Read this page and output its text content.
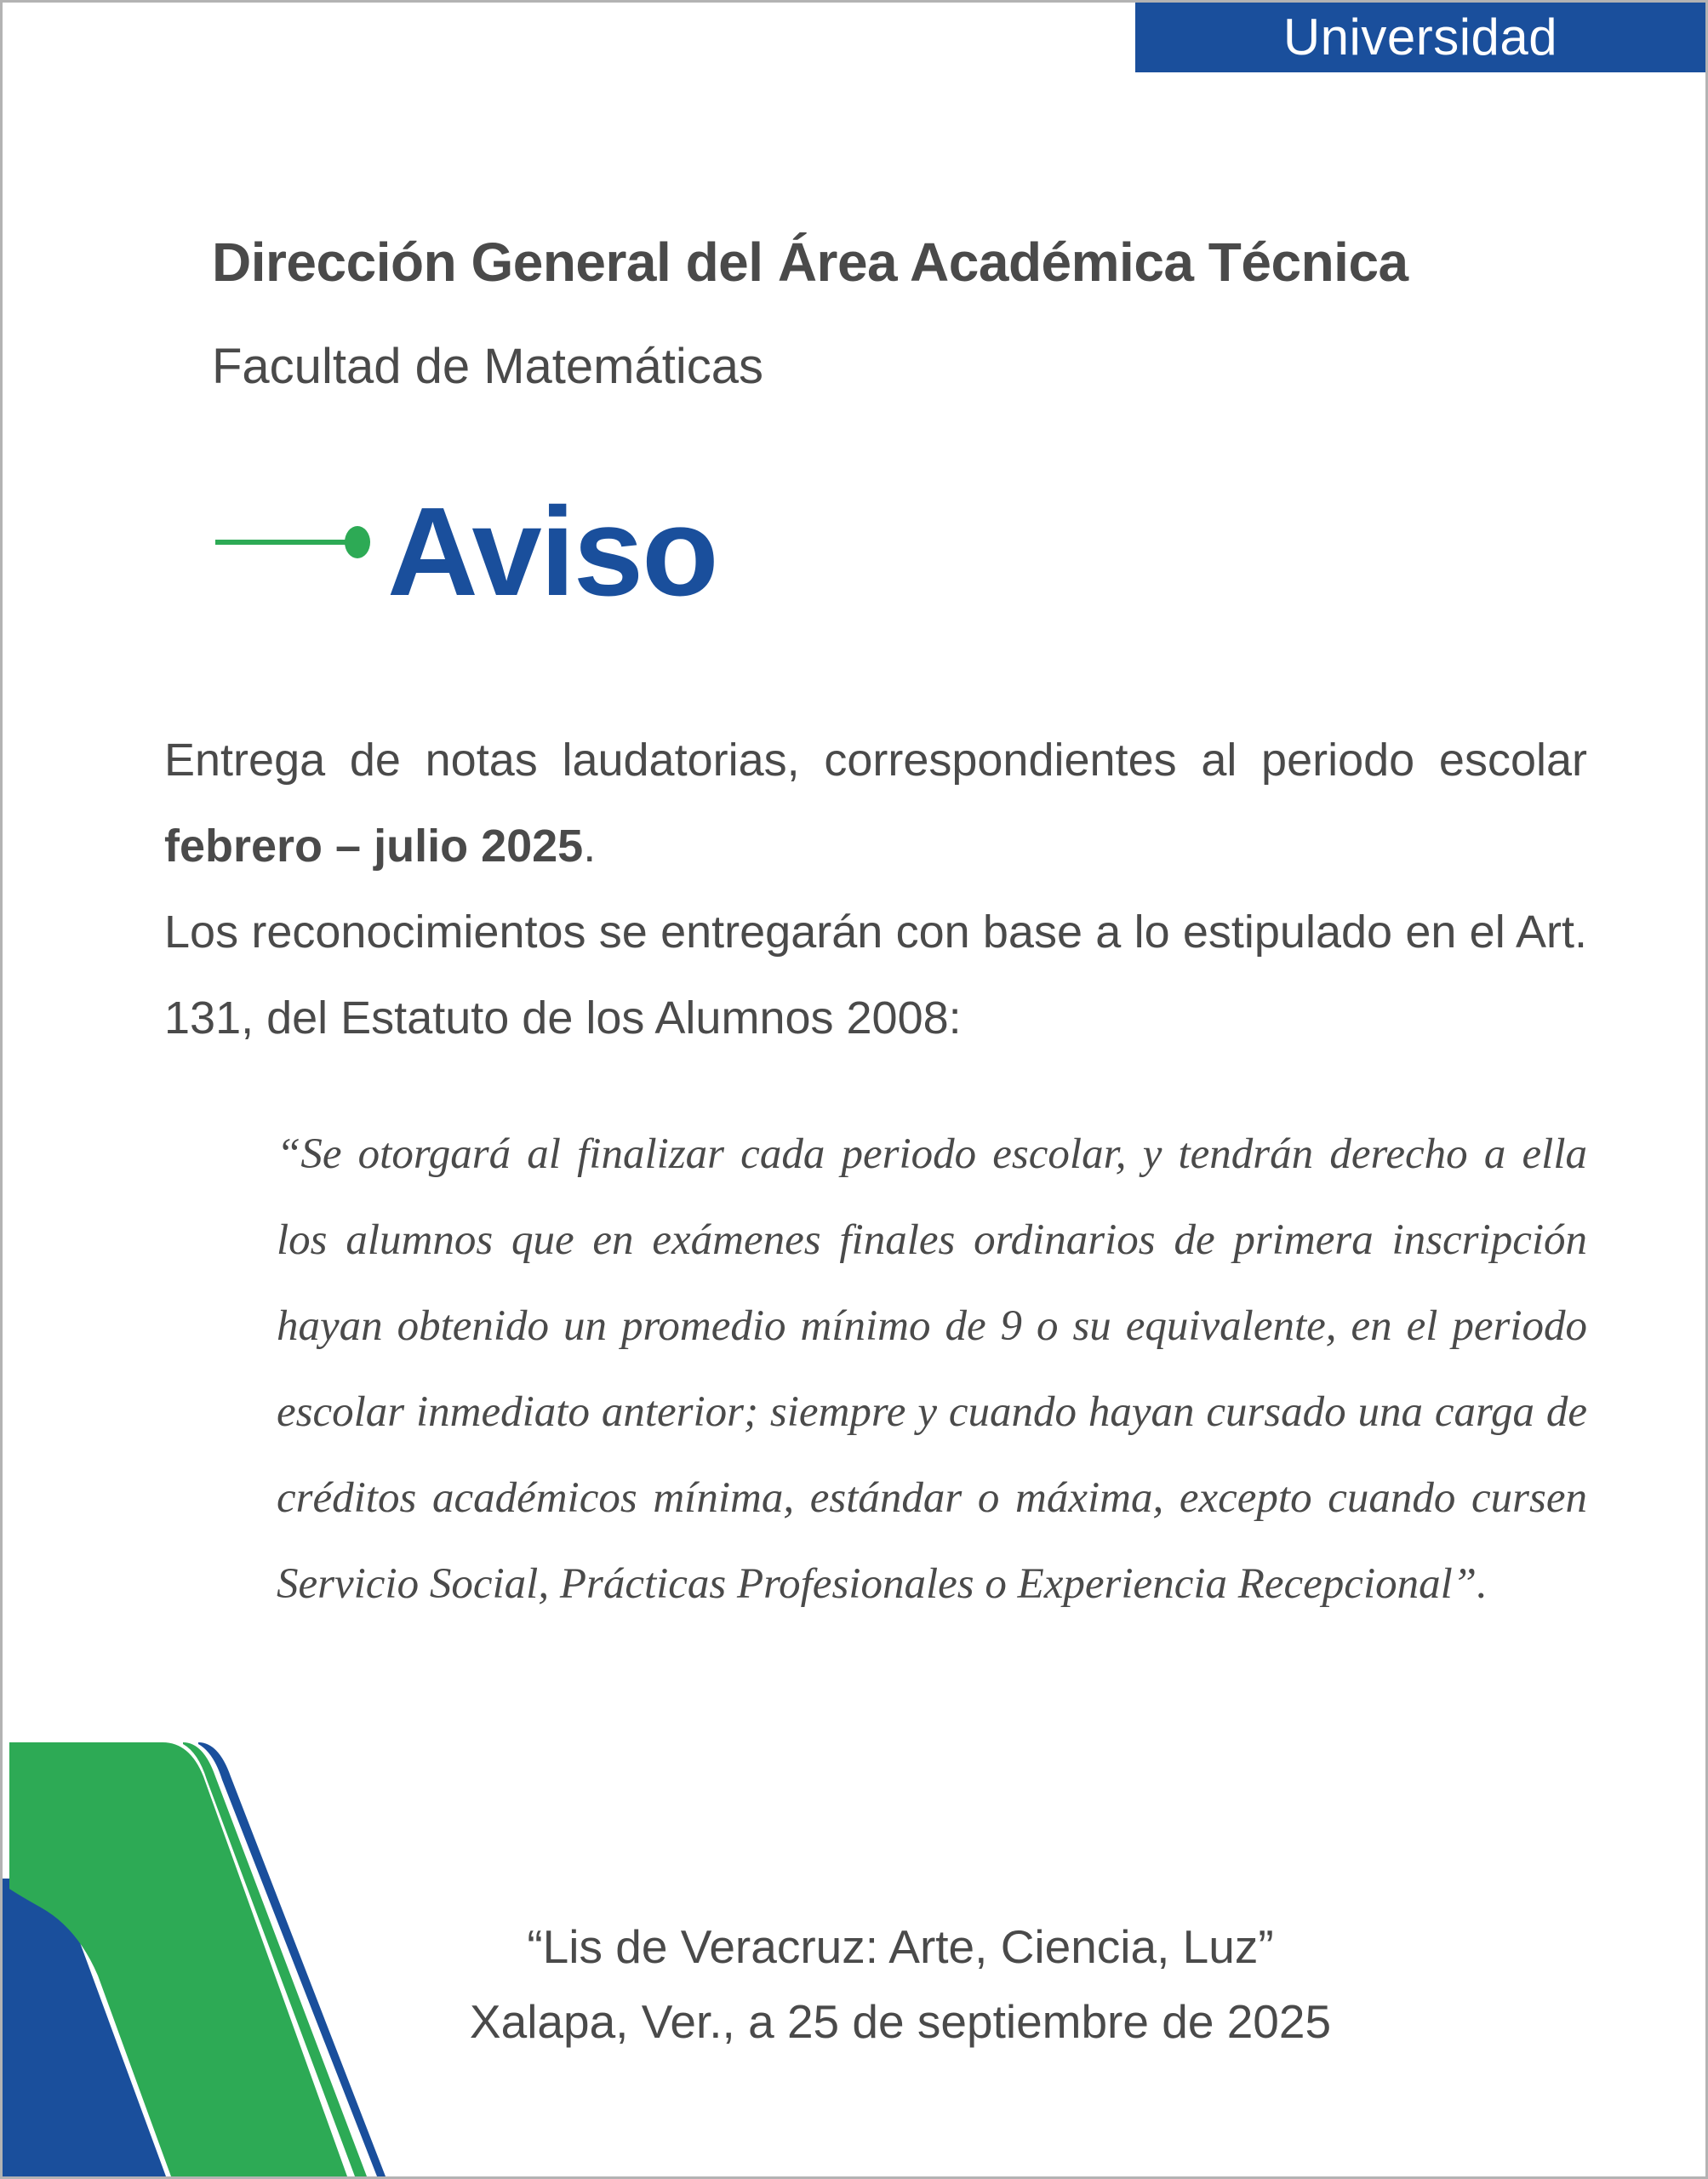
Universidad Veracruzana
Dirección General del Área Académica Técnica
Facultad de Matemáticas
Aviso

Entrega de notas laudatorias, correspondientes al periodo escolar febrero – julio 2025.

Los reconocimientos se entregarán con base a lo estipulado en el Art. 131, del Estatuto de los Alumnos 2008:

“Se otorgará al finalizar cada periodo escolar, y tendrán derecho a ella los alumnos que en exámenes finales ordinarios de primera inscripción hayan obtenido un promedio mínimo de 9 o su equivalente, en el periodo escolar inmediato anterior; siempre y cuando hayan cursado una carga de créditos académicos mínima, estándar o máxima, excepto cuando cursen Servicio Social, Prácticas Profesionales o Experiencia Recepcional”.

“Lis de Veracruz: Arte, Ciencia, Luz”
Xalapa, Ver., a 25 de septiembre de 2025
